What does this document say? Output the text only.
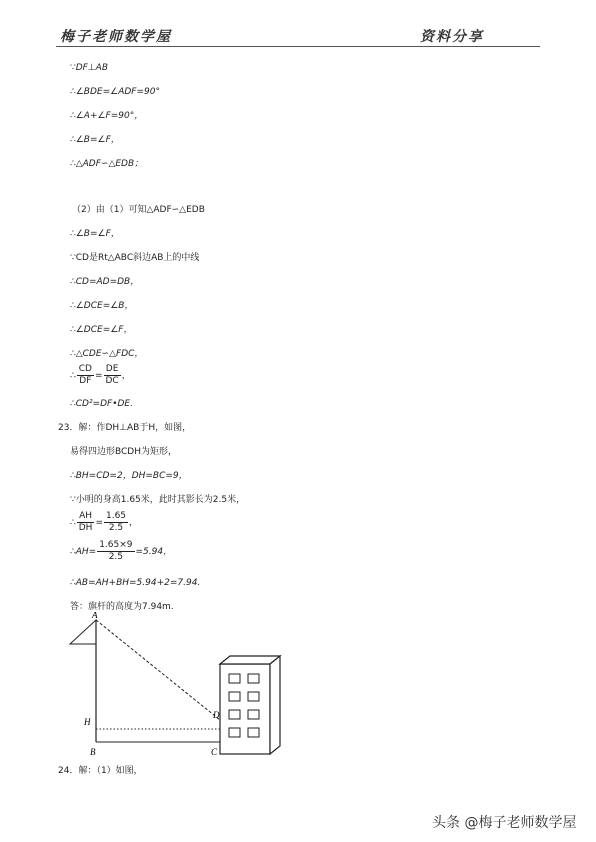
梅子老师数学屋	资料分享
∵DF⊥AB
∴∠BDE=∠ADF=90°
∴∠A+∠F=90°，
∴∠B=∠F，
∴△ADF∽△EDB；
（2）由（1）可知△ADF∽△EDB
∴∠B=∠F，
∵CD是Rt△ABC斜边AB上的中线
∴CD=AD=DB，
∴∠DCE=∠B，
∴∠DCE=∠F，
∴△CDE∽△FDC，
∴ $\frac{CD}{DF} = \frac{DE}{DC}$ ，
∴CD²=DF•DE.
23．解：作DH⊥AB于H，如图，
易得四边形BCDH为矩形，
∴BH=CD=2，DH=BC=9，
∵小明的身高1.65米，此时其影长为2.5米，
∴ $\frac{AH}{DH} = \frac{1.65}{2.5}$ ，
∴AH= $\frac{1.65\times 9}{2.5} =5.94$，
∴AB=AH+BH=5.94+2=7.94.
答：旗杆的高度为7.94m.
A
H
B
D
C
24．解：（1）如图，
头条 @梅子老师数学屋
